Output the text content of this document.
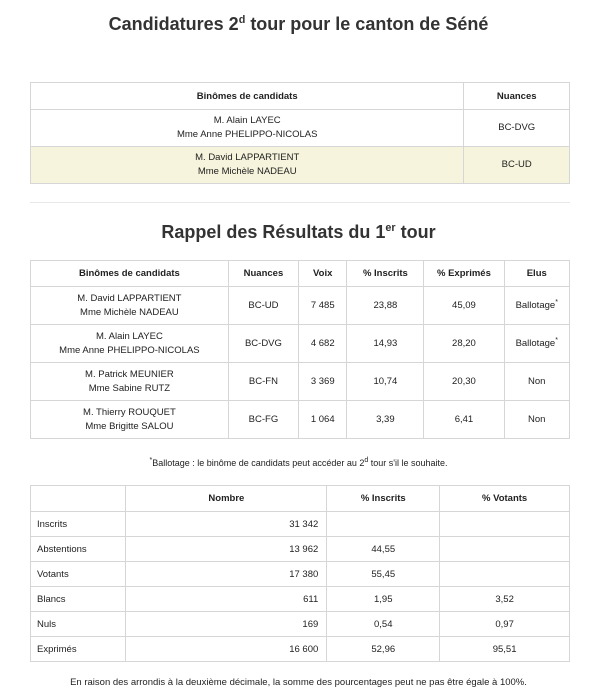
Candidatures 2$^d$ tour pour le canton de Séné
Binômes de candidats	Nuances

M. Alain LAYEC
Mme Anne PHELIPPO-NICOLAS	BC-DVG

M. David LAPPARTIENT
Mme Michèle NADEAU	BC-UD
Rappel des Résultats du 1er tour
Binômes de candidats	Nuances	Voix	% Inscrits	% Exprimés	Elus

M. David LAPPARTIENT
Mme Michèle NADEAU	BC-UD	7 485	23,88	45,09	Ballotage*

M. Alain LAYEC
Mme Anne PHELIPPO-NICOLAS	BC-DVG	4 682	14,93	28,20	Ballotage*

M. Patrick MEUNIER
Mme Sabine RUTZ	BC-FN	3 369	10,74	20,30	Non

M. Thierry ROUQUET
Mme Brigitte SALOU	BC-FG	1 064	3,39	6,41	Non
*Ballotage : le binôme de candidats peut accéder au 2$^d$ tour s'il le souhaite.
	Nombre	% Inscrits	% Votants
Inscrits	31 342		
Abstentions	13 962	44,55	
Votants	17 380	55,45	
Blancs	611	1,95	3,52
Nuls	169	0,54	0,97
Exprimés	16 600	52,96	95,51
En raison des arrondis à la deuxième décimale, la somme des pourcentages peut ne pas être égale à 100%.
